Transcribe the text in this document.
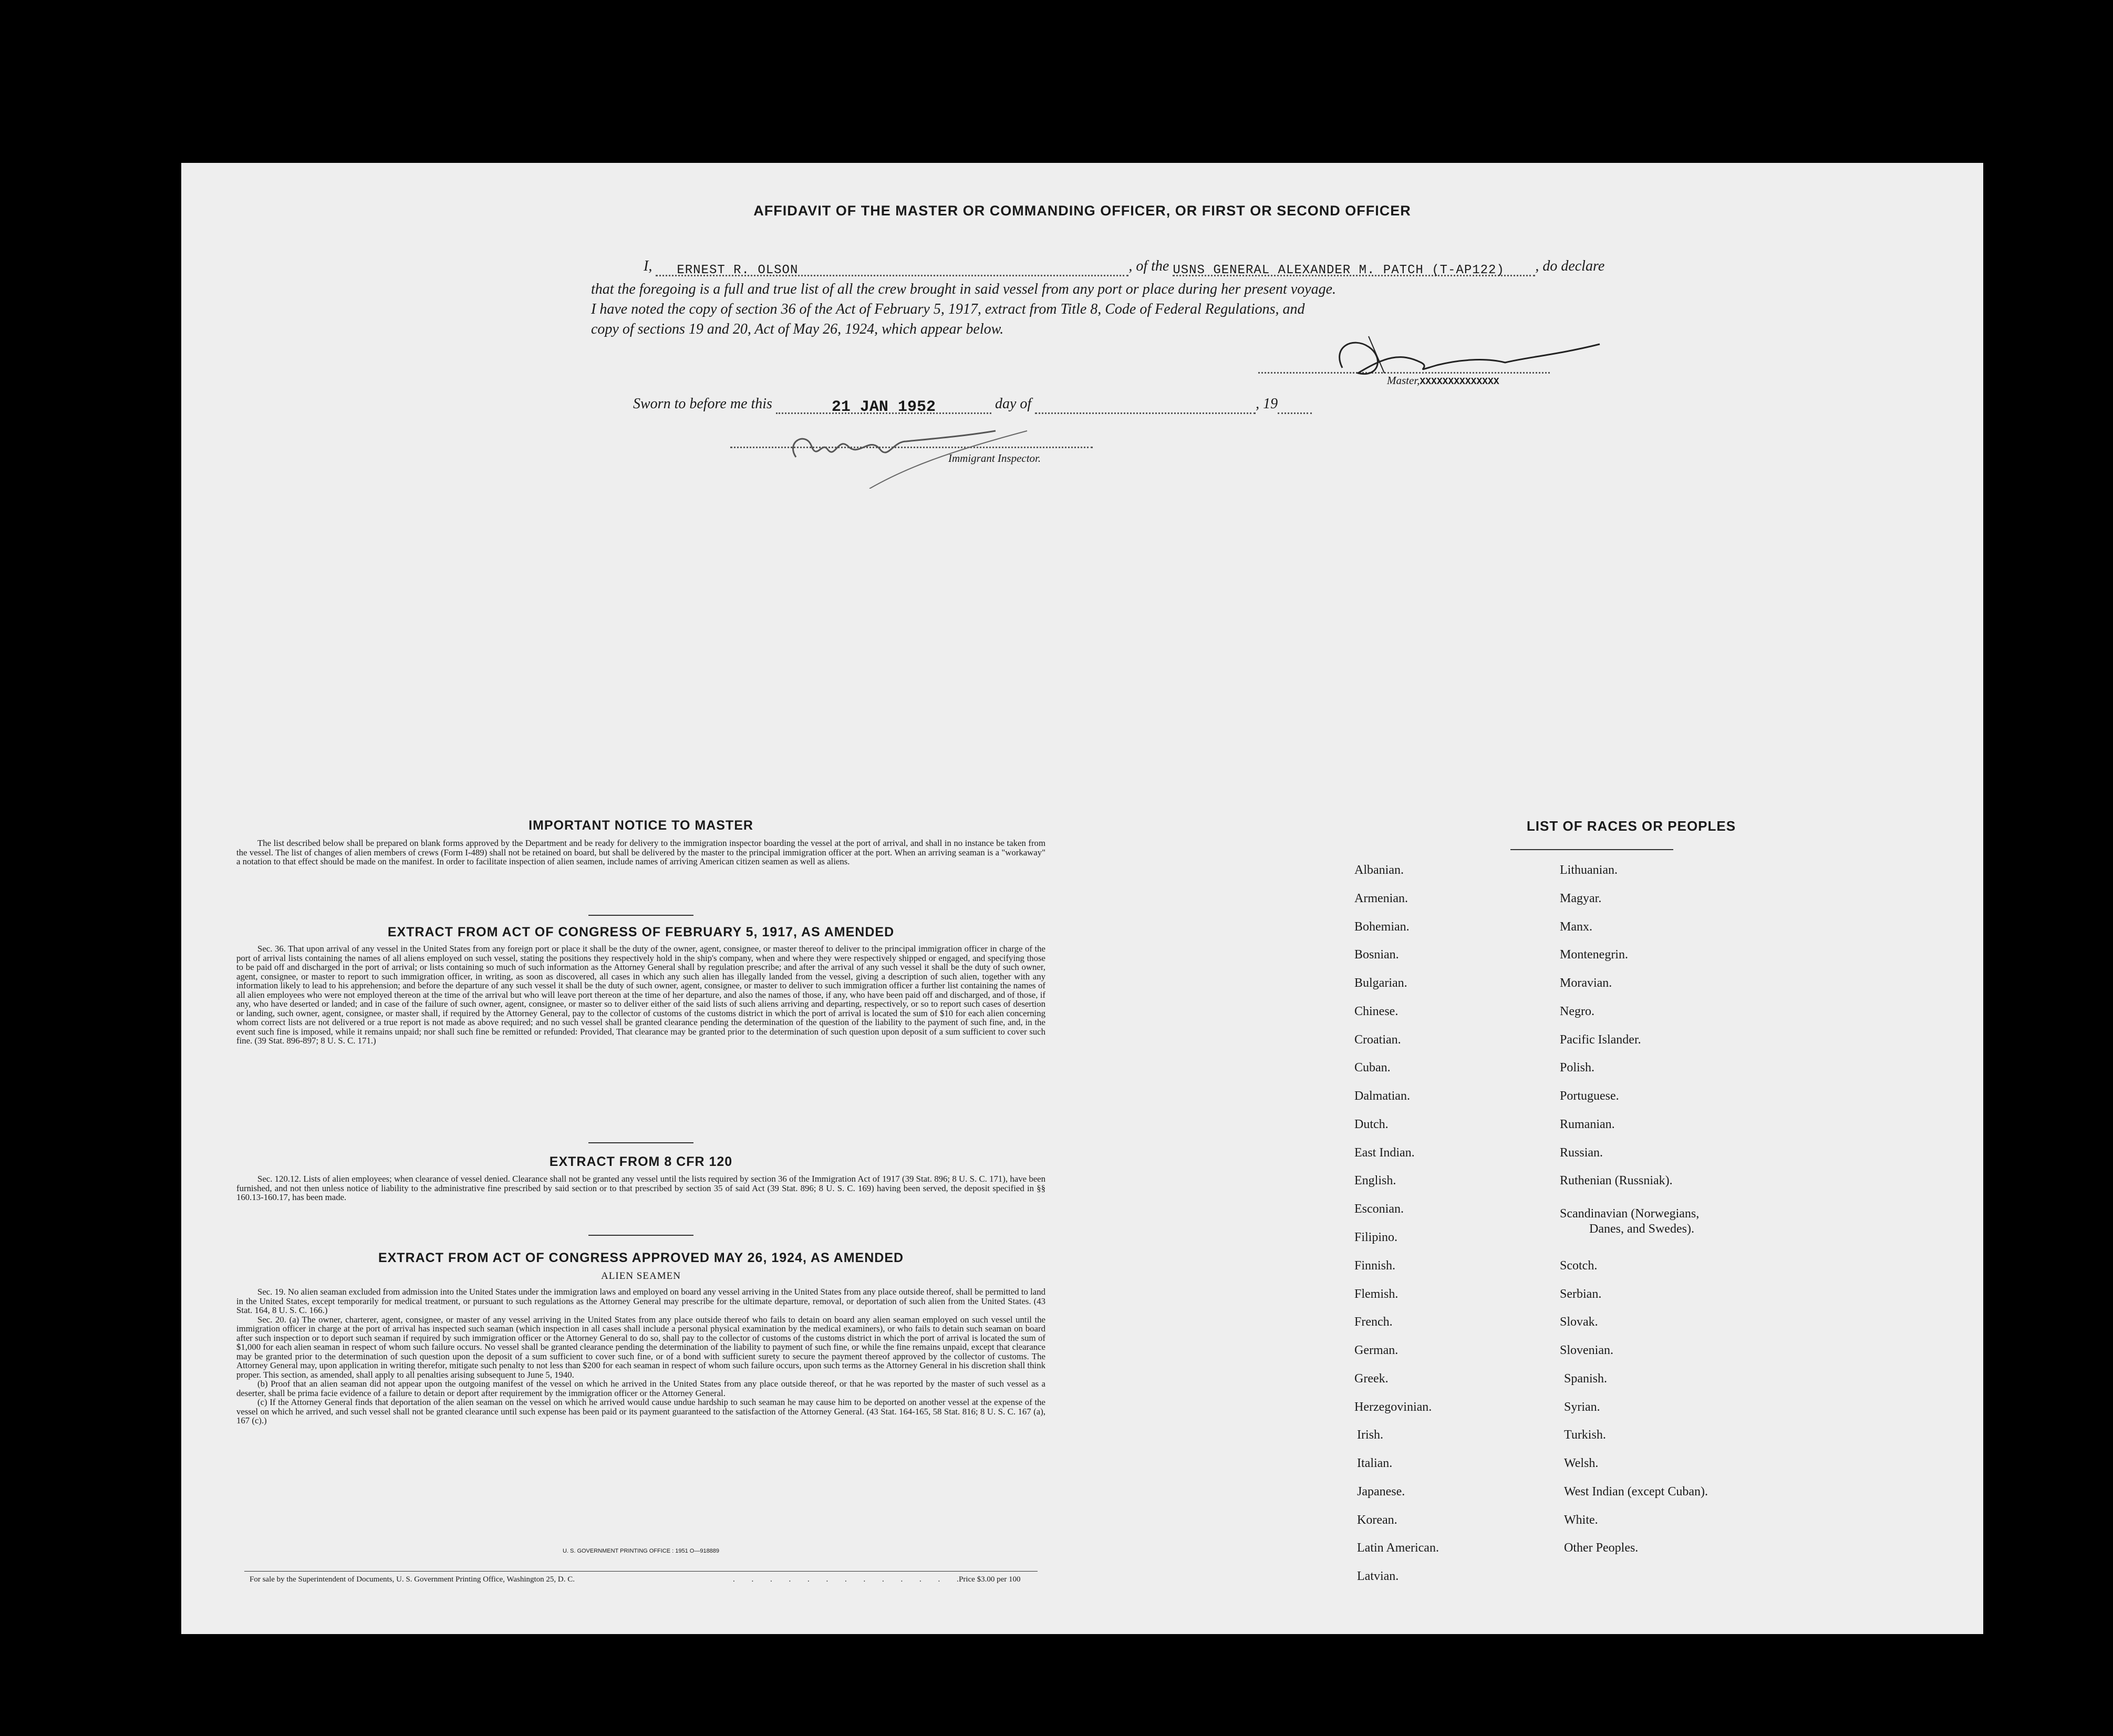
AFFIDAVIT OF THE MASTER OR COMMANDING OFFICER, OR FIRST OR SECOND OFFICER
I, ERNEST R. OLSON	, of the USNS GENERAL ALEXANDER M. PATCH (T-AP122) , do declare
that the foregoing is a full and true list of all the crew brought in said vessel from any port or place during her present voyage.
I have noted the copy of section 36 of the Act of February 5, 1917, extract from Title 8, Code of Federal Regulations, and
copy of sections 19 and 20, Act of May 26, 1924, which appear below.
Master,XXXXXXXXXXXXXX
Sworn to before me this	21 JAN 1952	day of	, 19
Immigrant Inspector.
IMPORTANT NOTICE TO MASTER

The list described below shall be prepared on blank forms approved by the Department and be ready for delivery to the immigration inspector boarding the vessel at the port of arrival, and shall in no instance be taken from the vessel. The list of changes of alien members of crews (Form I-489) shall not be retained on board, but shall be delivered by the master to the principal immigration officer at the port. When an arriving seaman is a "workaway" a notation to that effect should be made on the manifest. In order to facilitate inspection of alien seamen, include names of arriving American citizen seamen as well as aliens.

EXTRACT FROM ACT OF CONGRESS OF FEBRUARY 5, 1917, AS AMENDED

Sec. 36. That upon arrival of any vessel in the United States from any foreign port or place it shall be the duty of the owner, agent, consignee, or master thereof to deliver to the principal immigration officer in charge of the port of arrival lists containing the names of all aliens employed on such vessel, stating the positions they respectively hold in the ship's company, when and where they were respectively shipped or engaged, and specifying those to be paid off and discharged in the port of arrival; or lists containing so much of such information as the Attorney General shall by regulation prescribe; and after the arrival of any such vessel it shall be the duty of such owner, agent, consignee, or master to report to such immigration officer, in writing, as soon as discovered, all cases in which any such alien has illegally landed from the vessel, giving a description of such alien, together with any information likely to lead to his apprehension; and before the departure of any such vessel it shall be the duty of such owner, agent, consignee, or master to deliver to such immigration officer a further list containing the names of all alien employees who were not employed thereon at the time of the arrival but who will leave port thereon at the time of her departure, and also the names of those, if any, who have been paid off and discharged, and of those, if any, who have deserted or landed; and in case of the failure of such owner, agent, consignee, or master so to deliver either of the said lists of such aliens arriving and departing, respectively, or so to report such cases of desertion or landing, such owner, agent, consignee, or master shall, if required by the Attorney General, pay to the collector of customs of the customs district in which the port of arrival is located the sum of $10 for each alien concerning whom correct lists are not delivered or a true report is not made as above required; and no such vessel shall be granted clearance pending the determination of the question of the liability to the payment of such fine, and, in the event such fine is imposed, while it remains unpaid; nor shall such fine be remitted or refunded: Provided, That clearance may be granted prior to the determination of such question upon deposit of a sum sufficient to cover such fine. (39 Stat. 896-897; 8 U. S. C. 171.)

EXTRACT FROM 8 CFR 120

Sec. 120.12. Lists of alien employees; when clearance of vessel denied. Clearance shall not be granted any vessel until the lists required by section 36 of the Immigration Act of 1917 (39 Stat. 896; 8 U. S. C. 171), have been furnished, and not then unless notice of liability to the administrative fine prescribed by said section or to that prescribed by section 35 of said Act (39 Stat. 896; 8 U. S. C. 169) having been served, the deposit specified in §§ 160.13-160.17, has been made.

EXTRACT FROM ACT OF CONGRESS APPROVED MAY 26, 1924, AS AMENDED
ALIEN SEAMEN

Sec. 19. No alien seaman excluded from admission into the United States under the immigration laws and employed on board any vessel arriving in the United States from any place outside thereof, shall be permitted to land in the United States, except temporarily for medical treatment, or pursuant to such regulations as the Attorney General may prescribe for the ultimate departure, removal, or deportation of such alien from the United States. (43 Stat. 164, 8 U. S. C. 166.)

Sec. 20. (a) The owner, charterer, agent, consignee, or master of any vessel arriving in the United States from any place outside thereof who fails to detain on board any alien seaman employed on such vessel until the immigration officer in charge at the port of arrival has inspected such seaman (which inspection in all cases shall include a personal physical examination by the medical examiners), or who fails to detain such seaman on board after such inspection or to deport such seaman if required by such immigration officer or the Attorney General to do so, shall pay to the collector of customs of the customs district in which the port of arrival is located the sum of $1,000 for each alien seaman in respect of whom such failure occurs. No vessel shall be granted clearance pending the determination of the liability to payment of such fine, or while the fine remains unpaid, except that clearance may be granted prior to the determination of such question upon the deposit of a sum sufficient to cover such fine, or of a bond with sufficient surety to secure the payment thereof approved by the collector of customs. The Attorney General may, upon application in writing therefor, mitigate such penalty to not less than $200 for each seaman in respect of whom such failure occurs, upon such terms as the Attorney General in his discretion shall think proper. This section, as amended, shall apply to all penalties arising subsequent to June 5, 1940.

(b) Proof that an alien seaman did not appear upon the outgoing manifest of the vessel on which he arrived in the United States from any place outside thereof, or that he was reported by the master of such vessel as a deserter, shall be prima facie evidence of a failure to detain or deport after requirement by the immigration officer or the Attorney General.

(c) If the Attorney General finds that deportation of the alien seaman on the vessel on which he arrived would cause undue hardship to such seaman he may cause him to be deported on another vessel at the expense of the vessel on which he arrived, and such vessel shall not be granted clearance until such expense has been paid or its payment guaranteed to the satisfaction of the Attorney General. (43 Stat. 164-165, 58 Stat. 816; 8 U. S. C. 167 (a), 167 (c).)

U. S. GOVERNMENT PRINTING OFFICE : 1951 O—918889
For sale by the Superintendent of Documents, U. S. Government Printing Office, Washington 25, D. C.	. . . . . . . . . . . . .
Price $3.00 per 100
LIST OF RACES OR PEOPLES
Albanian.
Armenian.
Bohemian.
Bosnian.
Bulgarian.
Chinese.
Croatian.
Cuban.
Dalmatian.
Dutch.
East Indian.
English.
Esconian.
Filipino.
Finnish.
Flemish.
French.
German.
Greek.
Herzegovinian.
Irish.
Italian.
Japanese.
Korean.
Latin American.
Latvian.
Lithuanian.
Magyar.
Manx.
Montenegrin.
Moravian.
Negro.
Pacific Islander.
Polish.
Portuguese.
Rumanian.
Russian.
Ruthenian (Russniak).
Scandinavian (Norwegians,
Danes, and Swedes).
Scotch.
Serbian.
Slovak.
Slovenian.
Spanish.
Syrian.
Turkish.
Welsh.
West Indian (except Cuban).
White.
Other Peoples.
